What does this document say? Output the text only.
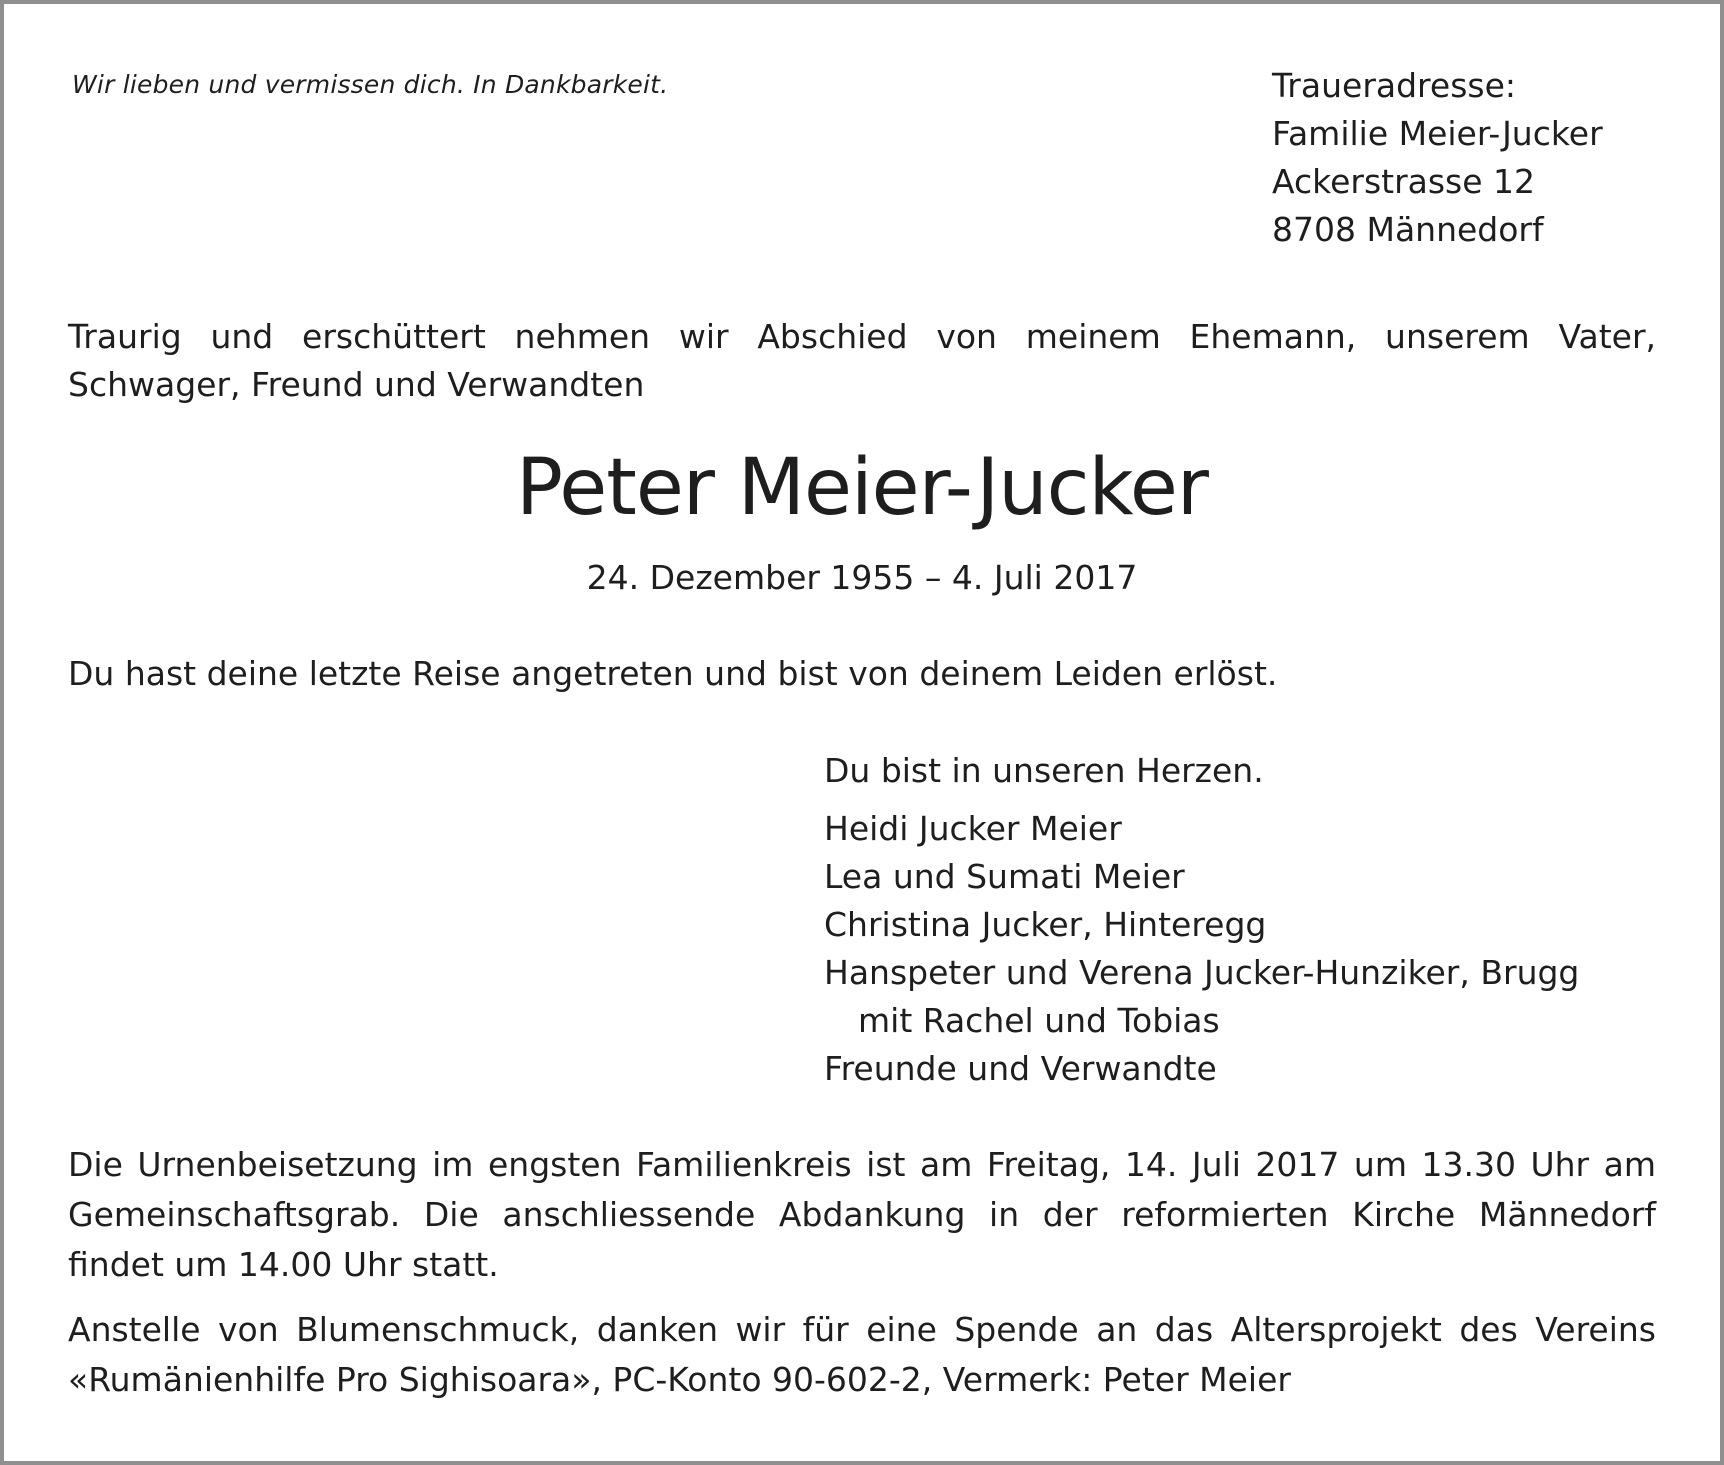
Wir lieben und vermissen dich. In Dankbarkeit.	Traueradresse:
Familie Meier-Jucker
Ackerstrasse 12
8708 Männedorf
Traurig und erschüttert nehmen wir Abschied von meinem Ehemann, unserem Vater, Schwager, Freund und Verwandten
Peter Meier-Jucker
24. Dezember 1955 – 4. Juli 2017
Du hast deine letzte Reise angetreten und bist von deinem Leiden erlöst.
Du bist in unseren Herzen.
Heidi Jucker Meier
Lea und Sumati Meier
Christina Jucker, Hinteregg
Hanspeter und Verena Jucker-Hunziker, Brugg
mit Rachel und Tobias
Freunde und Verwandte
Die Urnenbeisetzung im engsten Familienkreis ist am Freitag, 14. Juli 2017 um 13.30 Uhr am Gemeinschaftsgrab. Die anschliessende Abdankung in der reformierten Kirche Männedorf findet um 14.00 Uhr statt.
Anstelle von Blumenschmuck, danken wir für eine Spende an das Altersprojekt des Vereins «Rumänienhilfe Pro Sighisoara», PC-Konto 90-602-2, Vermerk: Peter Meier
